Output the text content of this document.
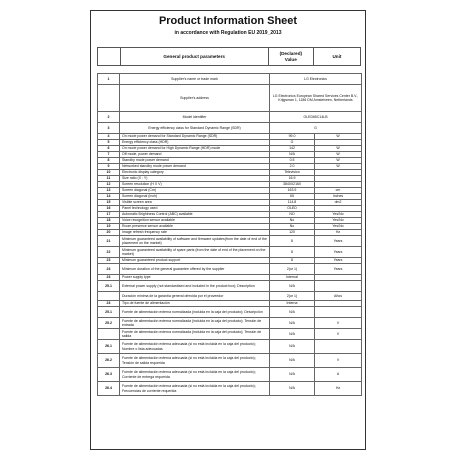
Product Information Sheet
in accordance with Regulation EU 2019_2013
General product parameters
(Declared)
Value
Unit
1	Supplier's name or trade mark	LG Electronics	
	Supplier's address	LG Electronics European Shared Services Center B.V., Krijgsman 1, 1186 DM Amstelveen, Netherlands	
2	Model identifier	OLED65C14LB	
3	Energy efficiency class for Standard Dynamic Range (SDR)	G	
4	On mode power demand for Standard Dynamic Range (SDR)	99.0	W
5	Energy efficiency class (HDR)	G	
6	On mode power demand for High Dynamic Range (HDR) mode	142	W
7	Off mode, power demand	N/A	W
8	Standby mode power demand	0.5	W
9	Networked standby mode power demand	2.0	W
10	Electronic display category	Television	
11	Size ratio (X : Y)	16:9	
12	Screen resolution (H X V)	3840X2160	
13	Screen diagonal (Cm)	163.9	cm
14	Screen diagonal (Inch)	65	Inches
15	Visible screen area	114.8	dm2
16	Panel technology used	OLED	
17	Automatic Brightness Control (ABC) available	NO	Yes/No
18	Voice recognition sensor available	No	Yes/No
19	Room presence sensor available	No	Yes/No
20	Image refresh frequency rate	120	Hz
21	Minimum guaranteed availability of software and firmware updates(from the date of end of the placement on the market)	8	Years
22	Minimum guaranteed availability of spare parts (from the date of end of the placement on the market)	8	Years
23	Minimum guaranteed product support	8	Years
24	Minimum duration of the general guarantee offered by the supplier	2(or 1)	Years
24	Power supply type	Internal	
25.1	External power supply (not standardised and included in the product box); Description	N/A	
	Duración mínima de la garantía general ofrecida por el proveedor	2(or 1)	Años
24	Tipo de fuente de alimentación	Interna	
25.1	Fuente de alimentación externa normalizada (incluida en la caja del producto); Descripción	N/A	
25.2	Fuente de alimentación externa normalizada (incluida en la caja del producto); Tensión de entrada	N/A	V
	Fuente de alimentación externa normalizada (incluida en la caja del producto); Tensión de salida	N/A	V
26.1	Fuente de alimentación externa adecuada (si no está incluida en la caja del producto); Nombre o lista adecuadas	N/A	
26.2	Fuente de alimentación externa adecuada (si no está incluida en la caja del producto); Tensión de salida requerida	N/A	V
26.3	Fuente de alimentación externa adecuada (si no está incluida en la caja del producto); Corriente de entrega requerida	N/A	A
26.4	Fuente de alimentación externa adecuada (si no está incluida en la caja del producto); Frecuencias de corriente requerida	N/A	Hz
